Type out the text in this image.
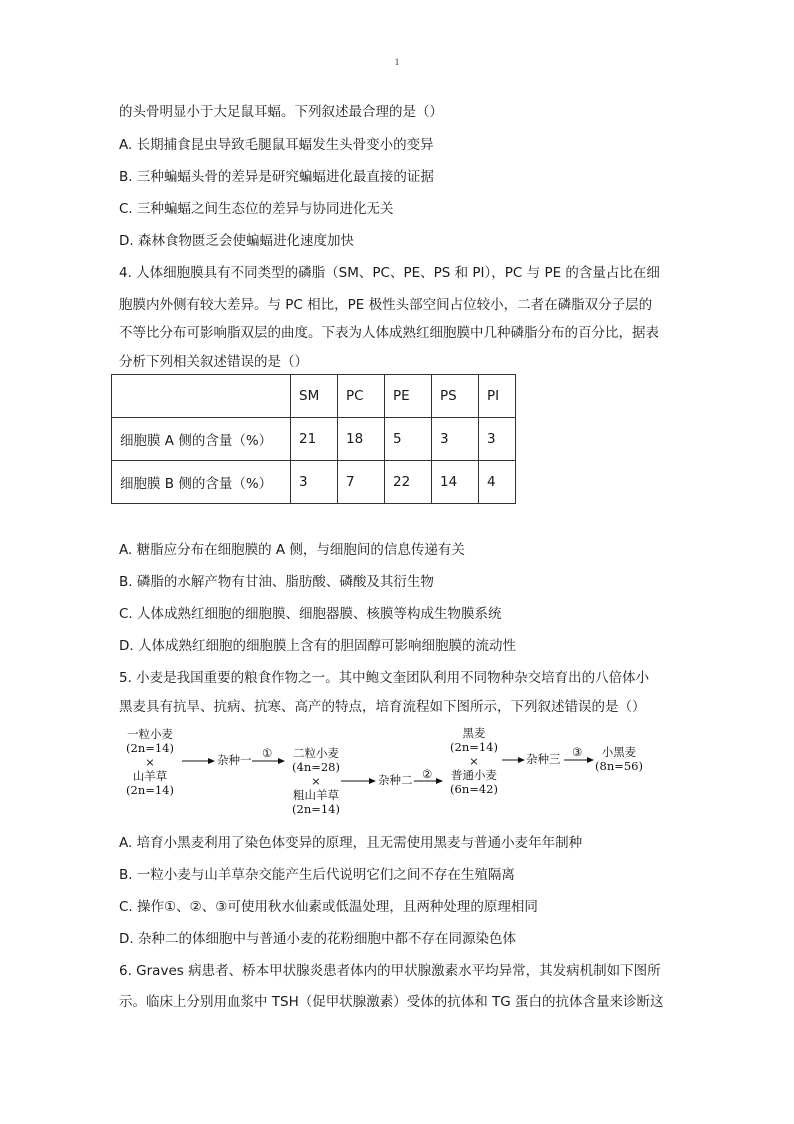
1
的头骨明显小于大足鼠耳蝠。下列叙述最合理的是（）
A. 长期捕食昆虫导致毛腿鼠耳蝠发生头骨变小的变异
B. 三种蝙蝠头骨的差异是研究蝙蝠进化最直接的证据
C. 三种蝙蝠之间生态位的差异与协同进化无关
D. 森林食物匮乏会使蝙蝠进化速度加快
4. 人体细胞膜具有不同类型的磷脂（SM、PC、PE、PS 和 PI），PC 与 PE 的含量占比在细
胞膜内外侧有较大差异。与 PC 相比，PE 极性头部空间占位较小，二者在磷脂双分子层的
不等比分布可影响脂双层的曲度。下表为人体成熟红细胞膜中几种磷脂分布的百分比，据表
分析下列相关叙述错误的是（）
	SM	PC	PE	PS	PI
细胞膜 A 侧的含量（%）	21	18	5	3	3
细胞膜 B 侧的含量（%）	3	7	22	14	4
A. 糖脂应分布在细胞膜的 A 侧，与细胞间的信息传递有关
B. 磷脂的水解产物有甘油、脂肪酸、磷酸及其衍生物
C. 人体成熟红细胞的细胞膜、细胞器膜、核膜等构成生物膜系统
D. 人体成熟红细胞的细胞膜上含有的胆固醇可影响细胞膜的流动性
5. 小麦是我国重要的粮食作物之一。其中鲍文奎团队利用不同物种杂交培育出的八倍体小
黑麦具有抗旱、抗病、抗寒、高产的特点，培育流程如下图所示，下列叙述错误的是（）
一粒小麦
(2n=14)
×
山羊草
(2n=14)
杂种一 ①	二粒小麦
(4n=28)
×
粗山羊草
(2n=14)
杂种二 ②
黑麦
(2n=14)
×
普通小麦
(6n=42)
杂种三 ③	小黑麦
(8n=56)
A. 培育小黑麦利用了染色体变异的原理，且无需使用黑麦与普通小麦年年制种
B. 一粒小麦与山羊草杂交能产生后代说明它们之间不存在生殖隔离
C. 操作①、②、③可使用秋水仙素或低温处理，且两种处理的原理相同
D. 杂种二的体细胞中与普通小麦的花粉细胞中都不存在同源染色体
6. Graves 病患者、桥本甲状腺炎患者体内的甲状腺激素水平均异常，其发病机制如下图所
示。临床上分别用血浆中 TSH（促甲状腺激素）受体的抗体和 TG 蛋白的抗体含量来诊断这
